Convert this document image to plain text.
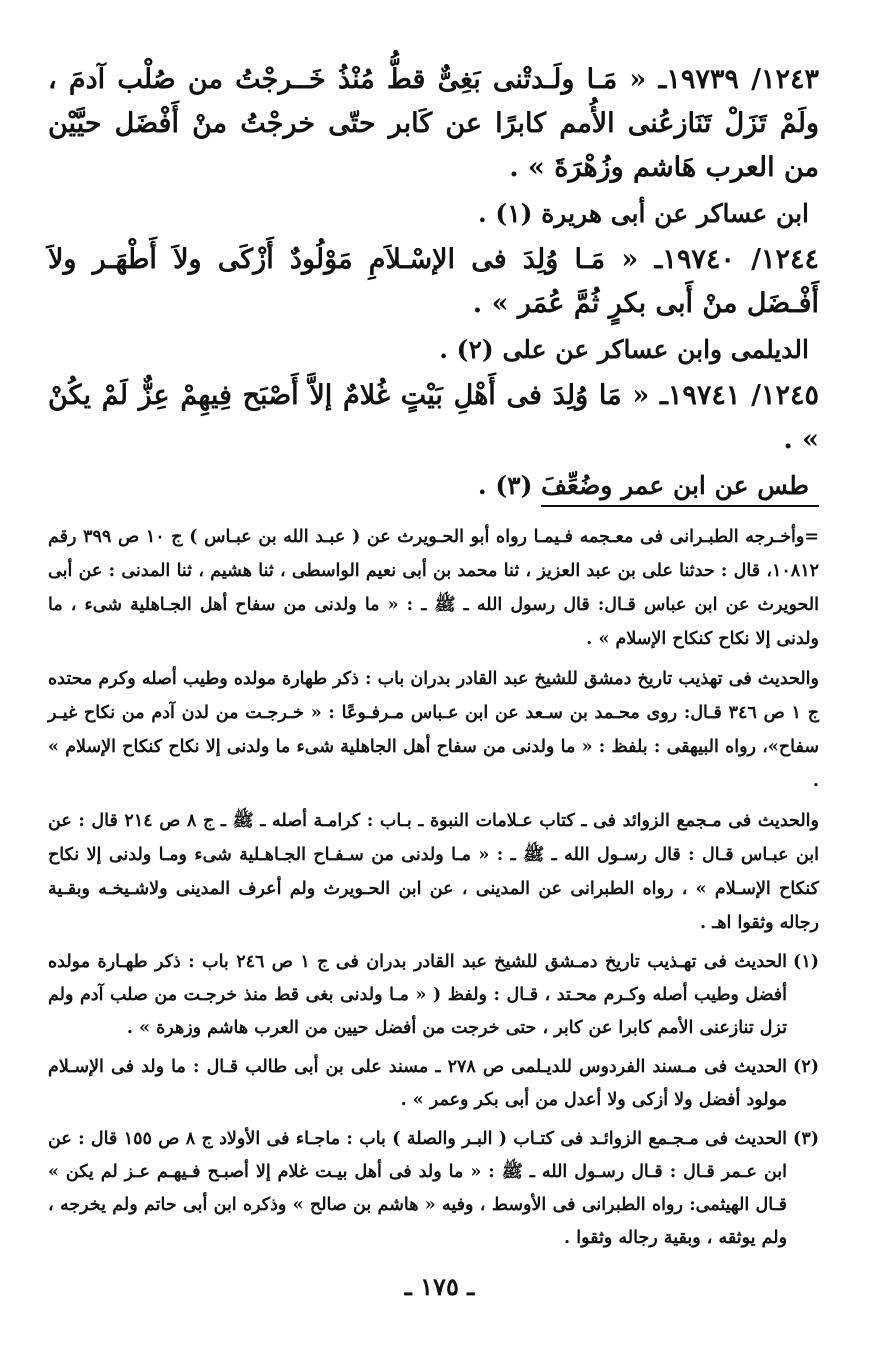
١٢٤٣/ ١٩٧٣٩ـ « مَـا ولَـدتْنى بَغِىٌّ قطُّ مُنْذُ خَــرجْتُ من صُلْب آدمَ ، ولَمْ تَزَلْ تَنَازعُنى الأُمم كابرًا عن كَابر حتّى خرجْتُ منْ أَفْضَل حيَّيْن من العرب هَاشم وزُهْرَةَ » .

ابن عساكر عن أبى هريرة (١) .

١٢٤٤/ ١٩٧٤٠ـ « مَـا وُلِدَ فى الإسْـلاَمِ مَوْلُودٌ أَزْكَى ولاَ أَطْهَـر ولاَ أَفْـضَل منْ أَبى بكرٍ ثُمَّ عُمَر » .

الديلمى وابن عساكر عن على (٢) .

١٢٤٥/ ١٩٧٤١ـ « مَا وُلِدَ فى أَهْلِ بَيْتٍ غُلامٌ إلاَّ أَصْبَح فِيهِمْ عِزٌّ لَمْ يكُنْ » .

طس عن ابن عمر وضُعِّفَ (٣) .

=وأخـرجه الطبـرانى فى معـجمه فـيمـا رواه أبو الحـويرث عن ( عبـد الله بن عبـاس ) ج ١٠ ص ٣٩٩ رقم ١٠٨١٢، قال : حدثنا على بن عبد العزيز ، ثنا محمد بن أبى نعيم الواسطى ، ثنا هشيم ، ثنا المدنى : عن أبى الحويرث عن ابن عباس قـال: قال رسول الله ـ ﷺ ـ : « ما ولدنى من سفاح أهل الجـاهلية شىء ، ما ولدنى إلا نكاح كنكاح الإسلام » .

والحديث فى تهذيب تاريخ دمشق للشيخ عبد القادر بدران باب : ذكر طهارة مولده وطيب أصله وكرم محتده ج ١ ص ٣٤٦ قـال: روى محـمد بن سـعد عن ابن عـباس مـرفـوعًا : « خـرجـت من لدن آدم من نكاح غيـر سفاح»، رواه البيهقى : بلفظ : « ما ولدنى من سفاح أهل الجاهلية شىء ما ولدنى إلا نكاح كنكاح الإسلام » .

والحديث فى مـجمع الزوائد فى ـ كتاب عـلامات النبوة ـ بـاب : كرامـة أصله ـ ﷺ ـ ج ٨ ص ٢١٤ قال : عن ابن عبـاس قـال : قال رسـول الله ـ ﷺ ـ : « مـا ولدنى من سـفـاح الجـاهـلية شىء ومـا ولدنى إلا نكاح كنكاح الإسـلام » ، رواه الطبرانى عن المدينى ، عن ابن الحـويرث ولم أعرف المدينى ولاشـيخـه وبقـية رجاله وثقوا اهـ .

(١)
الحديث فى تهـذيب تاريخ دمـشق للشيخ عبد القادر بدران فى ج ١ ص ٢٤٦ باب : ذكر طهـارة مولده أفضل وطيب أصله وكـرم محـتد ، قـال : ولفظ ( « مـا ولدنى بغى قط منذ خرجـت من صلب آدم ولم تزل تنازعنى الأمم كابرا عن كابر ، حتى خرجت من أفضل حيين من العرب هاشم وزهرة » .
(٢)
الحديث فى مـسند الفردوس للديـلمى ص ٢٧٨ ـ مسند على بن أبى طالب قـال : ما ولد فى الإسـلام مولود أفضل ولا أزكى ولا أعدل من أبى بكر وعمر » .
(٣)
الحديث فى مـجـمع الزوائـد فى كتـاب ( البـر والصلة ) باب : ماجـاء فى الأولاد ج ٨ ص ١٥٥ قال : عن ابن عـمر قـال : قـال رسـول الله ـ ﷺ : « ما ولد فى أهل بيـت غلام إلا أصبـح فـيهـم عـز لم يكن » قـال الهيثمى: رواه الطبرانى فى الأوسط ، وفيه « هاشم بن صالح » وذكره ابن أبى حاتم ولم يخرجه ، ولم يوثقه ، وبقية رجاله وثقوا .
ـ ١٧٥ ـ
